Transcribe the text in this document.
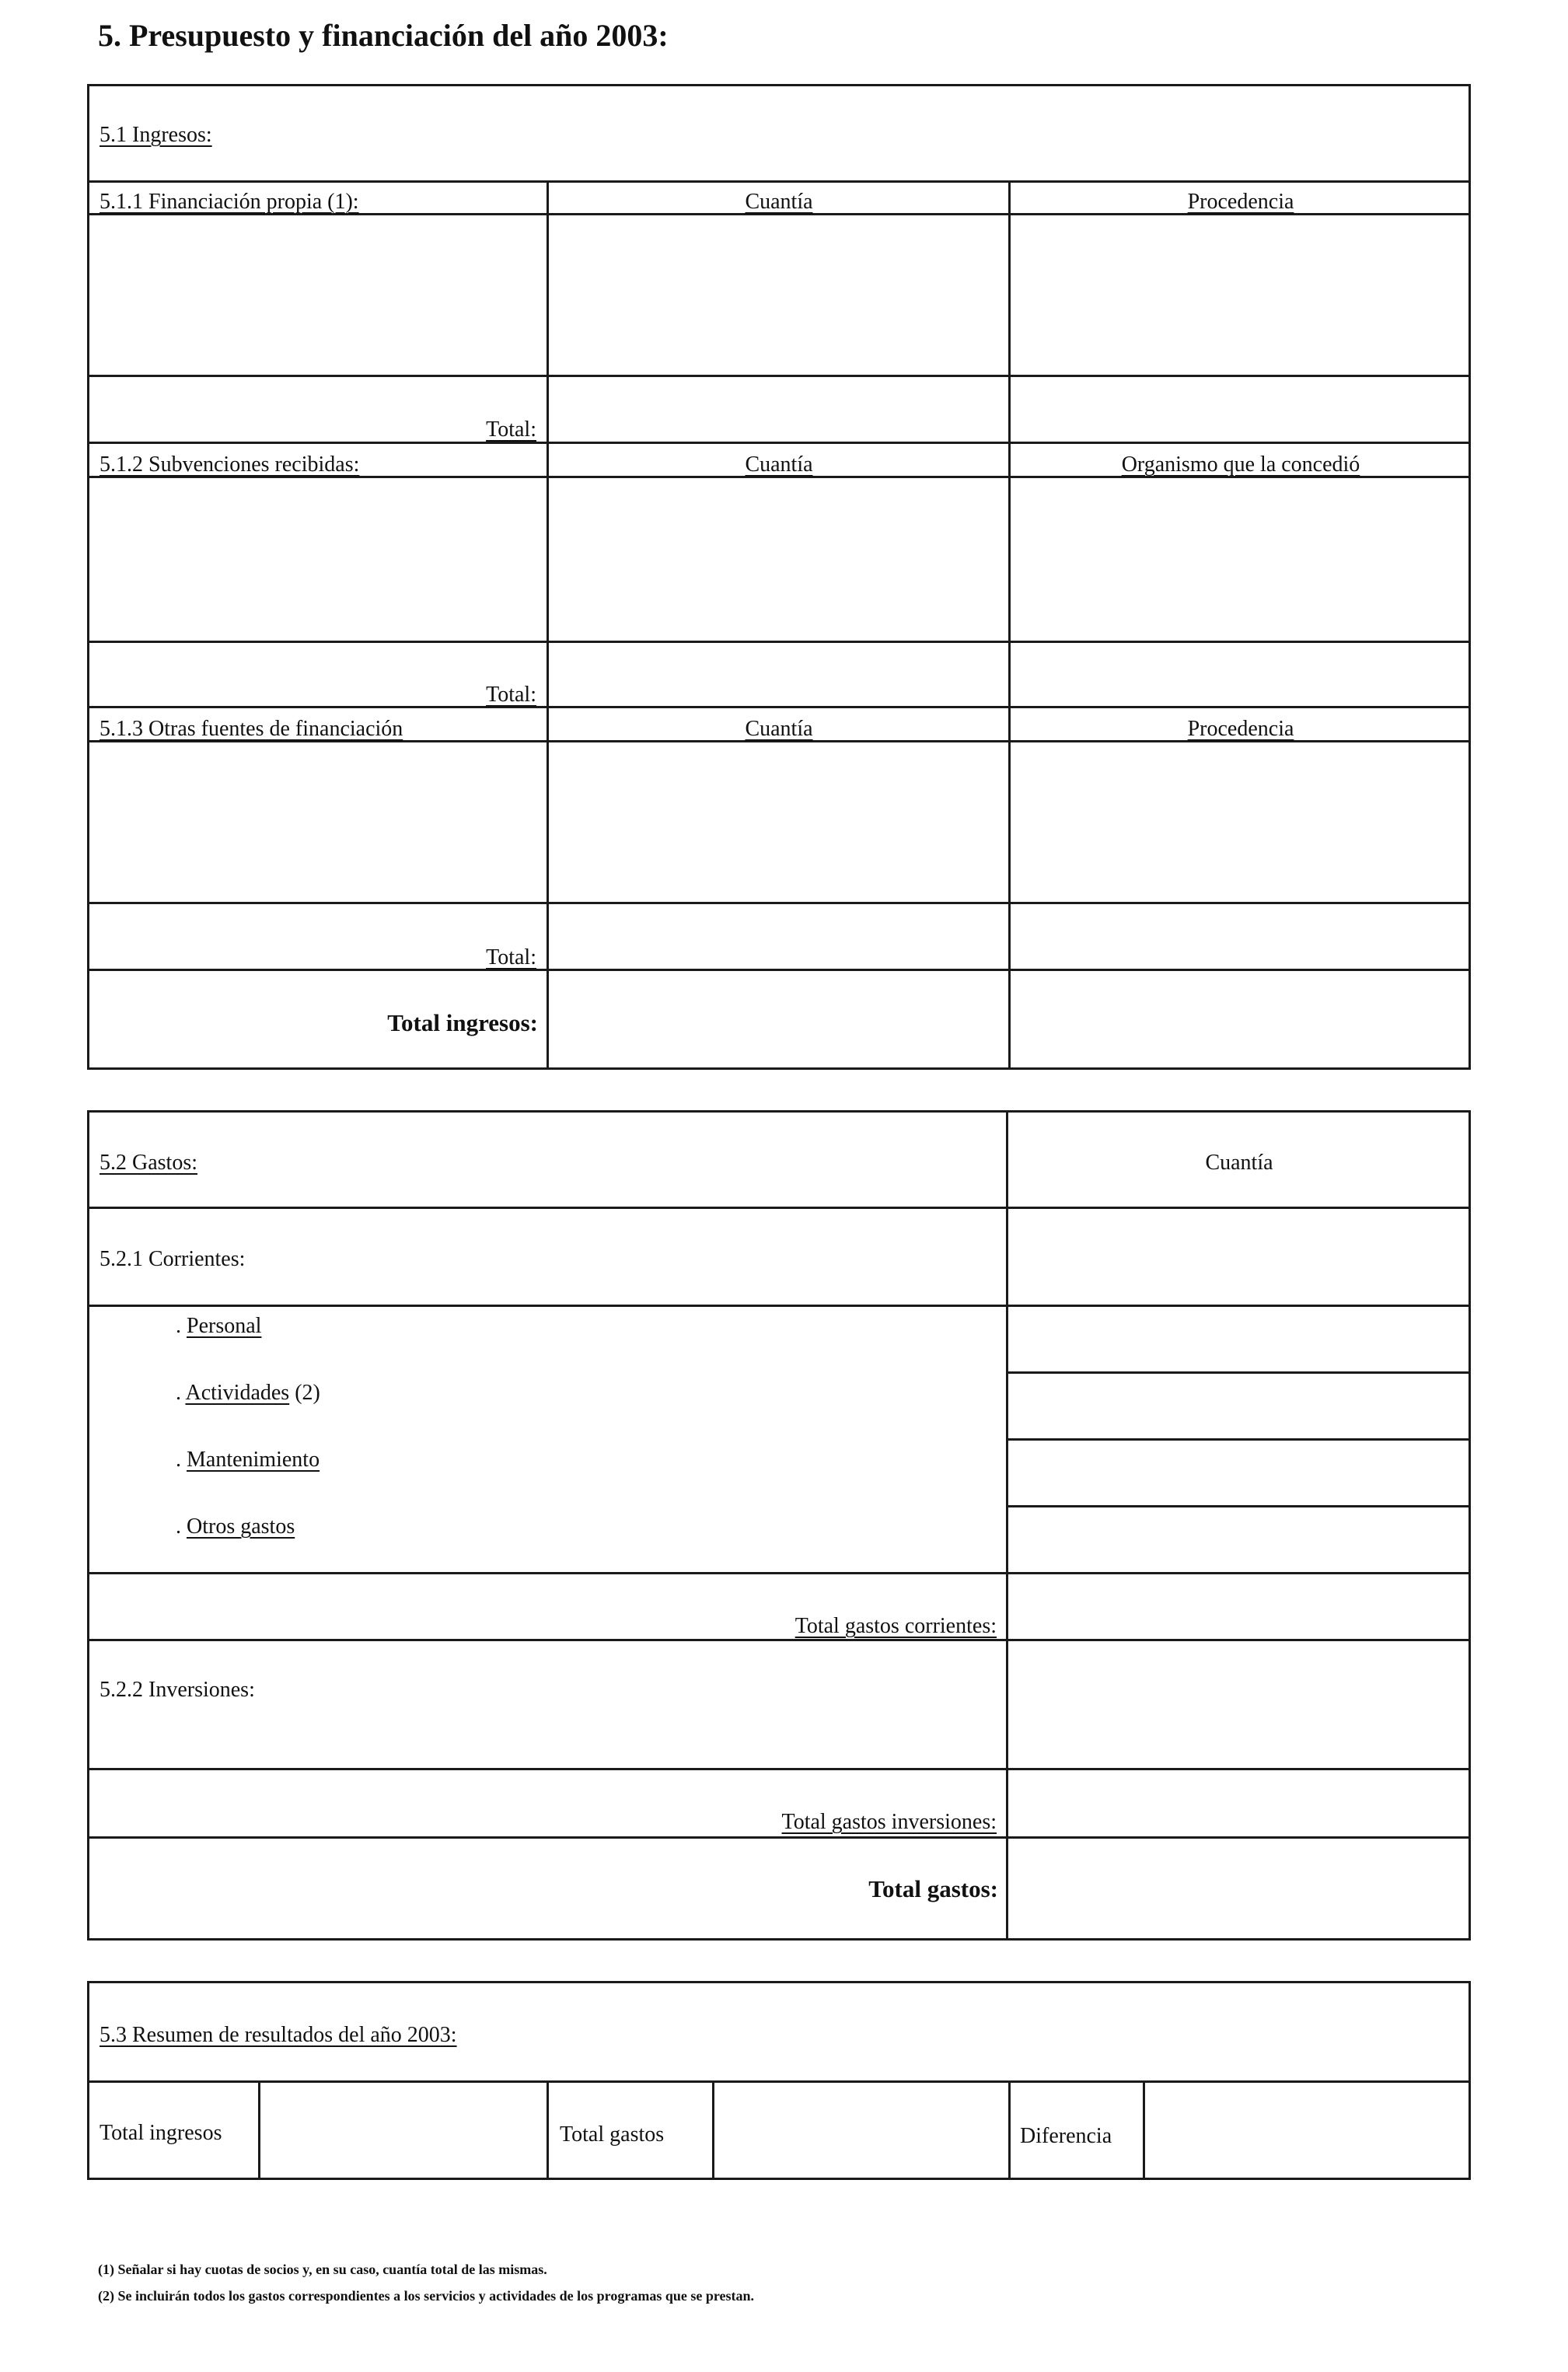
5. Presupuesto y financiación del año 2003:
5.1 Ingresos:
5.1.1 Financiación propia (1):	Cuantía	Procedencia
Total:
5.1.2 Subvenciones recibidas:	Cuantía	Organismo que la concedió
Total:
5.1.3 Otras fuentes de financiación	Cuantía	Procedencia
Total:
Total ingresos:
5.2 Gastos:	Cuantía
5.2.1 Corrientes:
. Personal
. Actividades (2)
. Mantenimiento
. Otros gastos
Total gastos corrientes:
5.2.2 Inversiones:
Total gastos inversiones:
Total gastos:
5.3 Resumen de resultados del año 2003:
Total ingresos	Total gastos	Diferencia
(1) Señalar si hay cuotas de socios y, en su caso, cuantía total de las mismas.
(2) Se incluirán todos los gastos correspondientes a los servicios y actividades de los programas que se prestan.
